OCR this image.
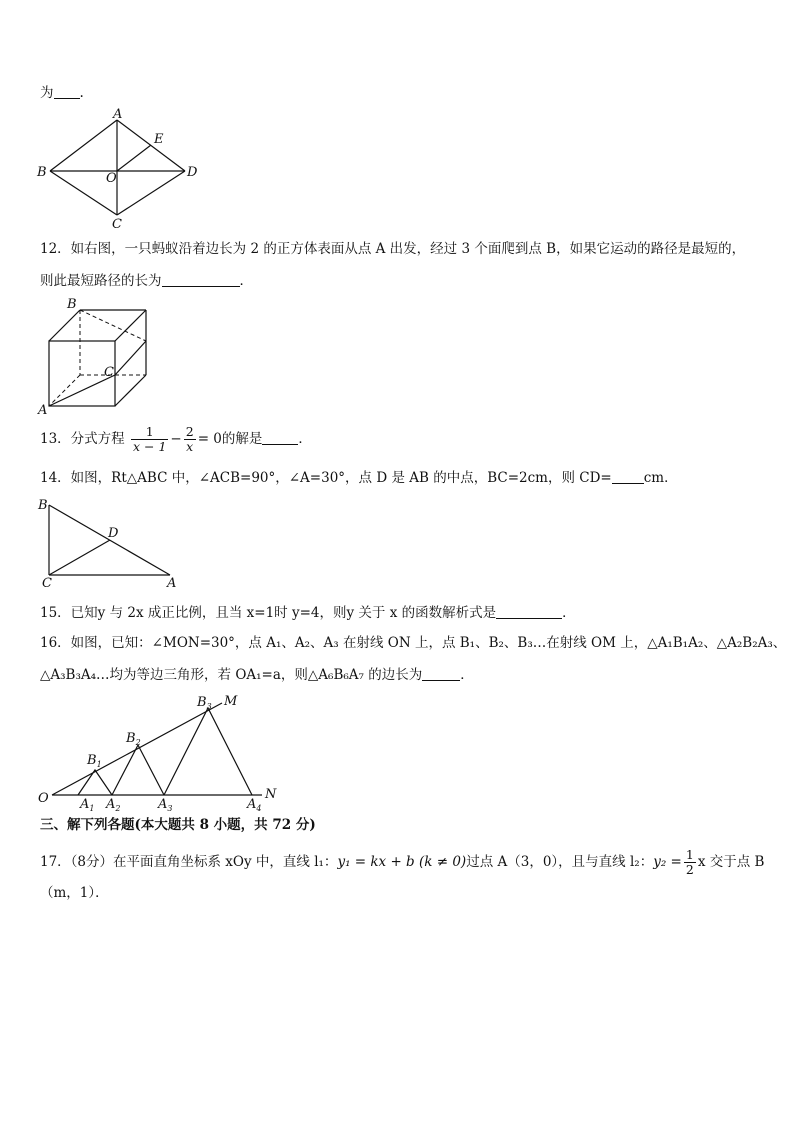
为 .
A
B
C
D
E
O
12．如右图，一只蚂蚁沿着边长为 2 的正方体表面从点 A 出发，经过 3 个面爬到点 B，如果它运动的路径是最短的，
则此最短路径的长为	．
A
B
C
13．分式方程 $\frac{1}{x - 1} - \frac{2}{x} = 0$的解是	．
14．如图，Rt△ABC 中，∠ACB=90°，∠A=30°，点 D 是 AB 的中点，BC=2cm，则 CD= cm．
A
B
C
D
15．已知y 与 2x 成正比例，且当 x=1时 y=4，则y 关于 x 的函数解析式是	．
16．如图，已知：∠MON=30°，点 A₁、A₂、A₃ 在射线 ON 上，点 B₁、B₂、B₃…在射线 OM 上，△A₁B₁A₂、△A₂B₂A₃、
△A₃B₃A₄…均为等边三角形，若 OA₁=a，则△A₆B₆A₇ 的边长为	．
O
M
N
$A_1$ $A_2$	$A_3$	$A_4$
$B_1$
$B_2$
$B_3$
三、解下列各题(本大题共 8 小题，共 72 分)
17．（8分）在平面直角坐标系 xOy 中，直线 l₁：y₁ = kx + b (k ≠ 0)过点 A（3，0），且与直线 l₂：$y_2 = \frac{1}{2}$ x 交于点 B
（m，1）．
